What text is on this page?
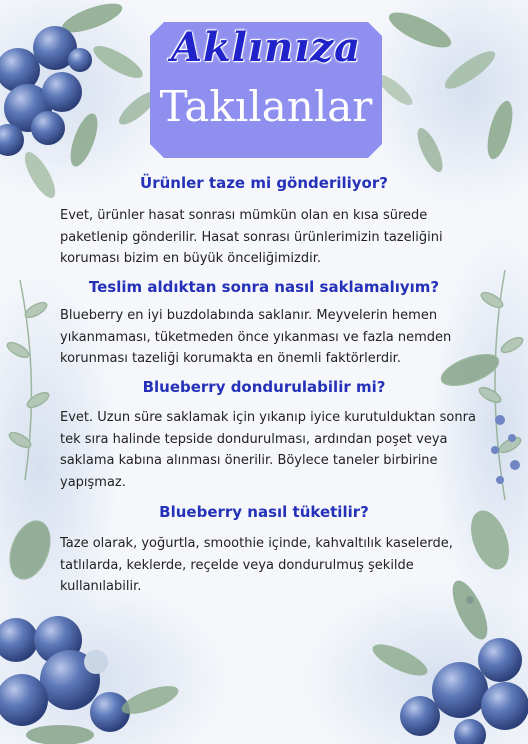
Aklınıza
Takılanlar
Ürünler taze mi gönderiliyor?
Evet, ürünler hasat sonrası mümkün olan en kısa sürede paketlenip gönderilir. Hasat sonrası ürünlerimizin tazeliğini koruması bizim en büyük önceliğimizdir.
Teslim aldıktan sonra nasıl saklamalıyım?
Blueberry en iyi buzdolabında saklanır. Meyvelerin hemen yıkanmaması, tüketmeden önce yıkanması ve fazla nemden korunması tazeliği korumakta en önemli faktörlerdir.
Blueberry dondurulabilir mi?
Evet. Uzun süre saklamak için yıkanıp iyice kurutulduktan sonra tek sıra halinde tepside dondurulması, ardından poşet veya saklama kabına alınması önerilir. Böylece taneler birbirine yapışmaz.
Blueberry nasıl tüketilir?
Taze olarak, yoğurtla, smoothie içinde, kahvaltılık kaselerde, tatlılarda, keklerde, reçelde veya dondurulmuş şekilde kullanılabilir.
